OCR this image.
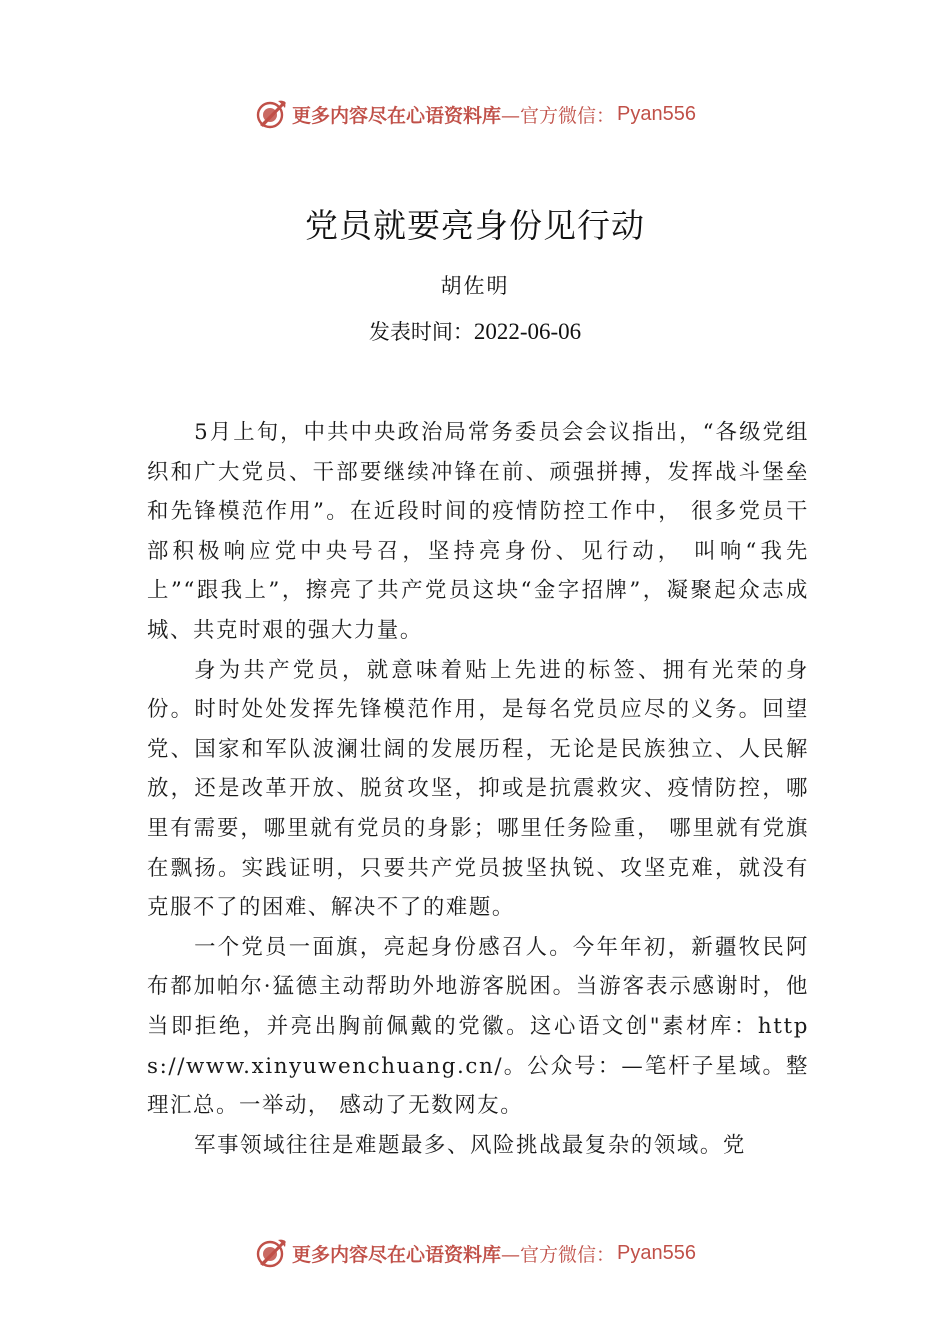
更多内容尽在心语资料库 —官方微信： Pyan556
党员就要亮身份见行动
胡佐明
发表时间：2022-06-06

5月上旬，中共中央政治局常务委员会会议指出，“各级党组织和广大党员、干部要继续冲锋在前、顽强拼搏，发挥战斗堡垒和先锋模范作用”。在近段时间的疫情防控工作中， 很多党员干部积极响应党中央号召，坚持亮身份、见行动， 叫响“我先上”“跟我上”，擦亮了共产党员这块“金字招牌”，凝聚起众志成城、共克时艰的强大力量。

身为共产党员，就意味着贴上先进的标签、拥有光荣的身份。时时处处发挥先锋模范作用，是每名党员应尽的义务。回望党、国家和军队波澜壮阔的发展历程，无论是民族独立、人民解放，还是改革开放、脱贫攻坚，抑或是抗震救灾、疫情防控，哪里有需要，哪里就有党员的身影；哪里任务险重， 哪里就有党旗在飘扬。实践证明，只要共产党员披坚执锐、攻坚克难，就没有克服不了的困难、解决不了的难题。

一个党员一面旗，亮起身份感召人。今年年初，新疆牧民阿布都加帕尔·猛德主动帮助外地游客脱困。当游客表示感谢时，他当即拒绝，并亮出胸前佩戴的党徽。这心语文创"素材库：https://www.xinyuwenchuang.cn/。公众号：—笔杆子星域。整理汇总。一举动， 感动了无数网友。

军事领域往往是难题最多、风险挑战最复杂的领域。党

更多内容尽在心语资料库 —官方微信： Pyan556
